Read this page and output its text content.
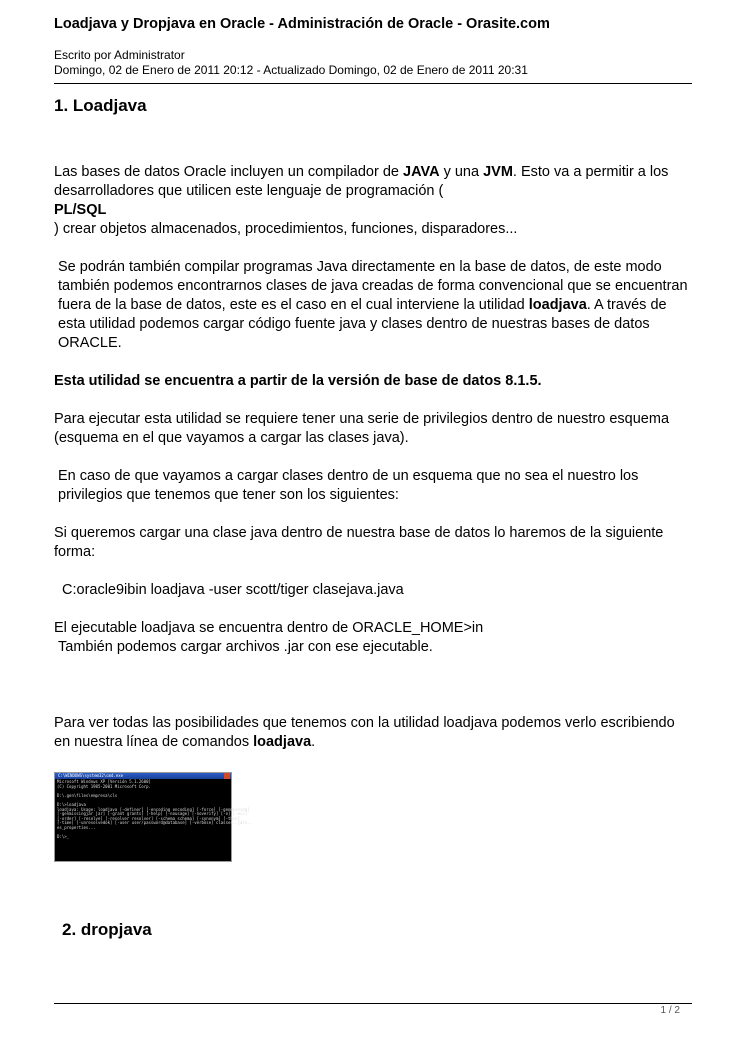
Loadjava y Dropjava en Oracle - Administración de Oracle - Orasite.com
Escrito por Administrator
Domingo, 02 de Enero de 2011 20:12 - Actualizado Domingo, 02 de Enero de 2011 20:31
1. Loadjava

Las bases de datos Oracle incluyen un compilador de JAVA y una JVM. Esto va a permitir a los desarrolladores que utilicen este lenguaje de programación (
PL/SQL
) crear objetos almacenados, procedimientos, funciones, disparadores...

Se podrán también compilar programas Java directamente en la base de datos, de este modo también podemos encontrarnos clases de java creadas de forma convencional que se encuentran fuera de la base de datos, este es el caso en el cual interviene la utilidad loadjava. A través de esta utilidad podemos cargar código fuente java y clases dentro de nuestras bases de datos ORACLE.

Esta utilidad se encuentra a partir de la versión de base de datos 8.1.5.

Para ejecutar esta utilidad se requiere tener una serie de privilegios dentro de nuestro esquema (esquema en el que vayamos a cargar las clases java).

En caso de que vayamos a cargar clases dentro de un esquema que no sea el nuestro los privilegios que tenemos que tener son los siguientes:

Si queremos cargar una clase java dentro de nuestra base de datos lo haremos de la siguiente forma:

C:oracle9ibin loadjava -user scott/tiger clasejava.java

El ejecutable loadjava se encuentra dentro de ORACLE_HOME>in
También podemos cargar archivos .jar con ese ejecutable.

Para ver todas las posibilidades que tenemos con la utilidad loadjava podemos verlo escribiendo en nuestra línea de comandos loadjava.

C:\WINDOWS\system32\cmd.exe
Microsoft Windows XP [Versión 5.1.2600]
(C) Copyright 1985-2001 Microsoft Corp.

D:\.gen\files\empresa\cls

D:\>loadjava
loadjava: Usage: loadjava [-definer] [-encoding encoding] [-force] [-genmissing]
[-genmissingjar jar] [-grant grants] [-help] [-nousage] [-noverify] [-o] [-oci]
[-order] [-resolve] [-resolver resolver] [-schema schema] [-synonym] [-thin]
[-time] [-unresolvedok] [-user user/password@database] [-verbose] classes..jars..
es_properties...

D:\>_
2. dropjava
1 / 2
